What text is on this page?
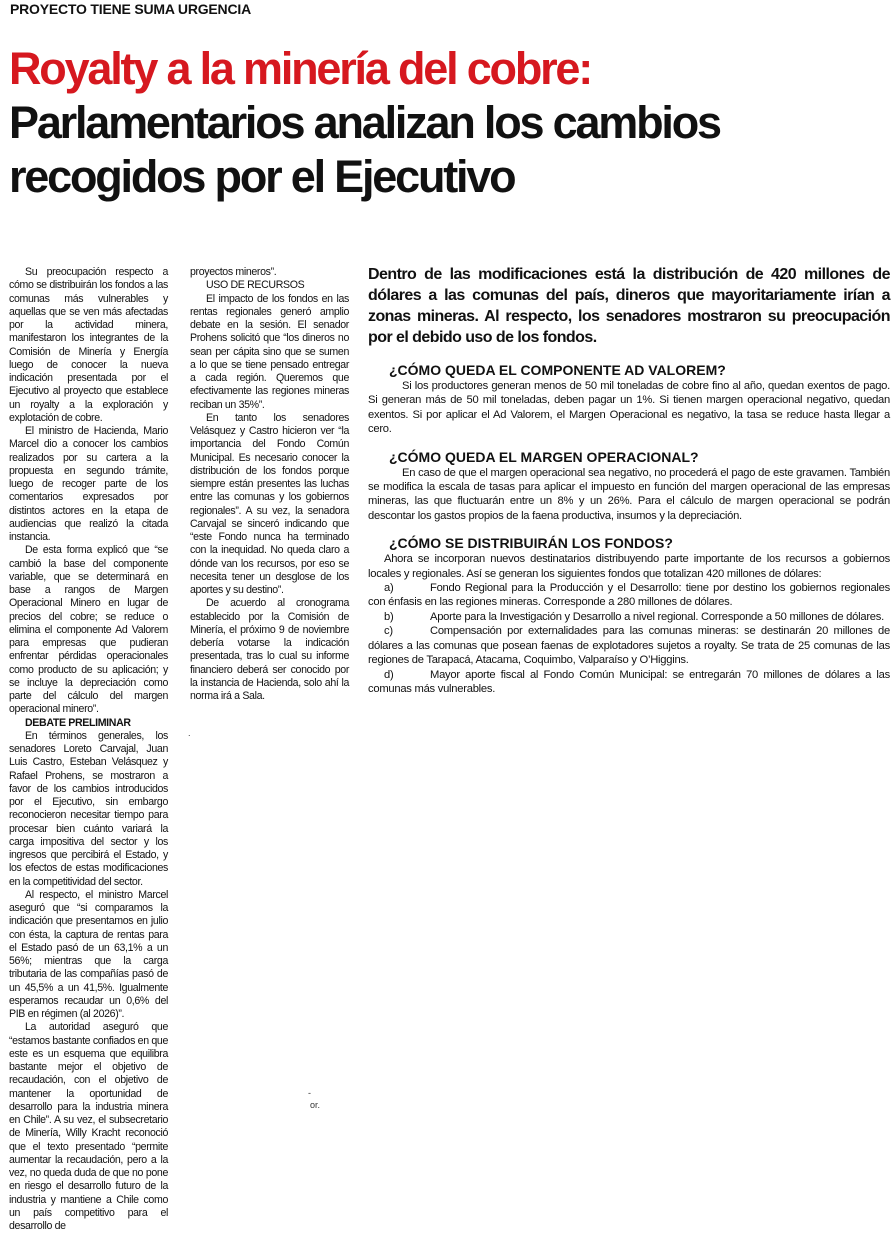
PROYECTO TIENE SUMA URGENCIA
Royalty a la minería del cobre:
Parlamentarios analizan los cambios recogidos por el Ejecutivo

Su preocupación respecto a cómo se distribuirán los fondos a las comunas más vulnerables y aquellas que se ven más afectadas por la actividad minera, manifestaron los integrantes de la Comisión de Minería y Energía luego de conocer la nueva indicación presentada por el Ejecutivo al proyecto que establece un royalty a la exploración y explotación de cobre.

El ministro de Hacienda, Mario Marcel dio a conocer los cambios realizados por su cartera a la propuesta en segundo trámite, luego de recoger parte de los comentarios expresados por distintos actores en la etapa de audiencias que realizó la citada instancia.

De esta forma explicó que “se cambió la base del componente variable, que se determinará en base a rangos de Margen Operacional Minero en lugar de precios del cobre; se reduce o elimina el componente Ad Valorem para empresas que pudieran enfrentar pérdidas operacionales como producto de su aplicación; y se incluye la depreciación como parte del cálculo del margen operacional minero”.

DEBATE PRELIMINAR

En términos generales, los senadores Loreto Carvajal, Juan Luis Castro, Esteban Velásquez y Rafael Prohens, se mostraron a favor de los cambios introducidos por el Ejecutivo, sin embargo reconocieron necesitar tiempo para procesar bien cuánto variará la carga impositiva del sector y los ingresos que percibirá el Estado, y los efectos de estas modificaciones en la competitividad del sector.

Al respecto, el ministro Marcel aseguró que “si comparamos la indicación que presentamos en julio con ésta, la captura de rentas para el Estado pasó de un 63,1% a un 56%; mientras que la carga tributaria de las compañías pasó de un 45,5% a un 41,5%. Igualmente esperamos recaudar un 0,6% del PIB en régimen (al 2026)”.

La autoridad aseguró que “estamos bastante confiados en que este es un esquema que equilibra bastante mejor el objetivo de recaudación, con el objetivo de mantener la oportunidad de desarrollo para la industria minera en Chile”. A su vez, el subsecretario de Minería, Willy Kracht reconoció que el texto presentado “permite aumentar la recaudación, pero a la vez, no queda duda de que no pone en riesgo el desarrollo futuro de la industria y mantiene a Chile como un país competitivo para el desarrollo de

proyectos mineros”.

USO DE RECURSOS

El impacto de los fondos en las rentas regionales generó amplio debate en la sesión. El senador Prohens solicitó que “los dineros no sean per cápita sino que se sumen a lo que se tiene pensado entregar a cada región. Queremos que efectivamente las regiones mineras reciban un 35%”.

En tanto los senadores Velásquez y Castro hicieron ver “la importancia del Fondo Común Municipal. Es necesario conocer la distribución de los fondos porque siempre están presentes las luchas entre las comunas y los gobiernos regionales”. A su vez, la senadora Carvajal se sinceró indicando que “este Fondo nunca ha terminado con la inequidad. No queda claro a dónde van los recursos, por eso se necesita tener un desglose de los aportes y su destino”.

De acuerdo al cronograma establecido por la Comisión de Minería, el próximo 9 de noviembre debería votarse la indicación presentada, tras lo cual su informe financiero deberá ser conocido por la instancia de Hacienda, solo ahí la norma irá a Sala.

Dentro de las modificaciones está la distribución de 420 millones de dólares a las comunas del país, dineros que mayoritariamente irían a zonas mineras. Al respecto, los senadores mostraron su preocupación por el debido uso de los fondos.

¿CÓMO QUEDA EL COMPONENTE AD VALOREM?

Si los productores generan menos de 50 mil toneladas de cobre fino al año, quedan exentos de pago. Si generan más de 50 mil toneladas, deben pagar un 1%. Si tienen margen operacional negativo, quedan exentos. Si por aplicar el Ad Valorem, el Margen Operacional es negativo, la tasa se reduce hasta llegar a cero.

¿CÓMO QUEDA EL MARGEN OPERACIONAL?

En caso de que el margen operacional sea negativo, no procederá el pago de este gravamen. También se modifica la escala de tasas para aplicar el impuesto en función del margen operacional de las empresas mineras, las que fluctuarán entre un 8% y un 26%. Para el cálculo de margen operacional se podrán descontar los gastos propios de la faena productiva, insumos y la depreciación.

¿CÓMO SE DISTRIBUIRÁN LOS FONDOS?

Ahora se incorporan nuevos destinatarios distribuyendo parte importante de los recursos a gobiernos locales y regionales. Así se generan los siguientes fondos que totalizan 420 millones de dólares:

a)	Fondo Regional para la Producción y el Desarrollo: tiene por destino los gobiernos regionales con énfasis en las regiones mineras. Corresponde a 280 millones de dólares.

b)	Aporte para la Investigación y Desarrollo a nivel regional. Corresponde a 50 millones de dólares.

c)	Compensación por externalidades para las comunas mineras: se destinarán 20 millones de dólares a las comunas que posean faenas de explotadores sujetos a royalty. Se trata de 25 comunas de las regiones de Tarapacá, Atacama, Coquimbo, Valparaíso y O’Higgins.

d)	Mayor aporte fiscal al Fondo Común Municipal: se entregarán 70 millones de dólares a las comunas más vulnerables.

.
-
or.
